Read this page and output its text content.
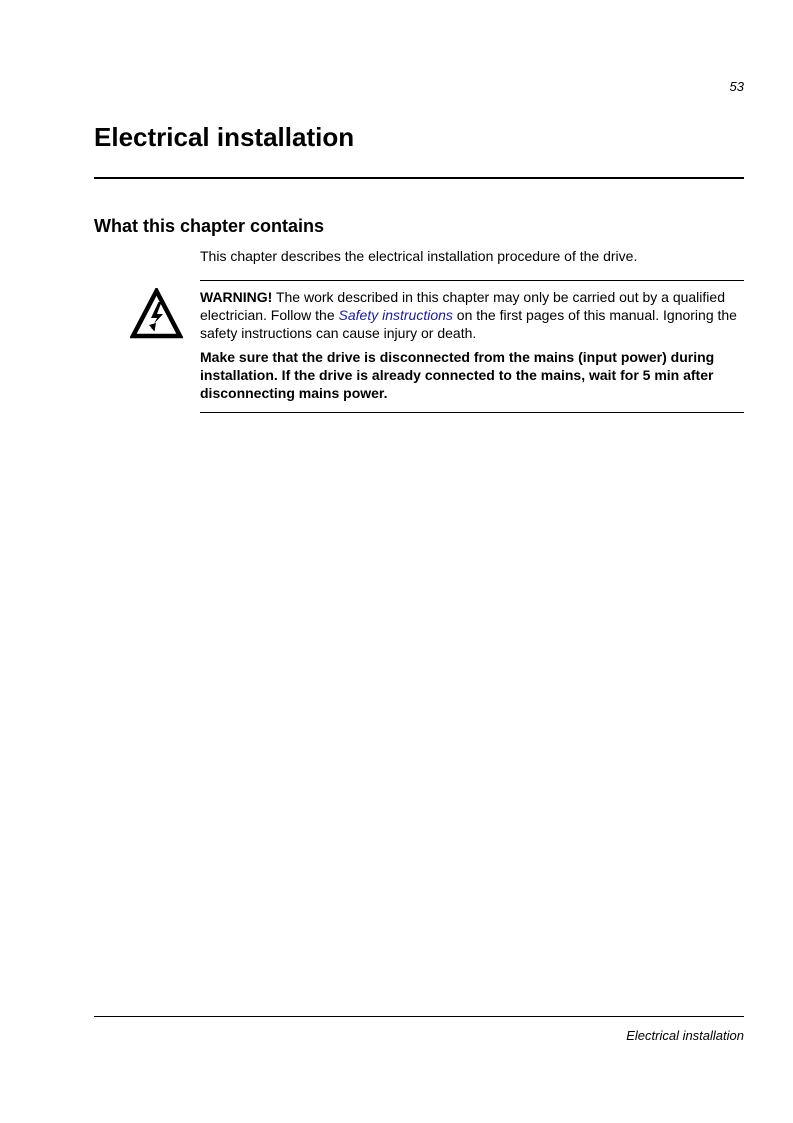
53
Electrical installation
What this chapter contains

This chapter describes the electrical installation procedure of the drive.

WARNING! The work described in this chapter may only be carried out by a qualified electrician. Follow the Safety instructions on the first pages of this manual. Ignoring the safety instructions can cause injury or death.

Make sure that the drive is disconnected from the mains (input power) during installation. If the drive is already connected to the mains, wait for 5 min after disconnecting mains power.

Electrical installation
